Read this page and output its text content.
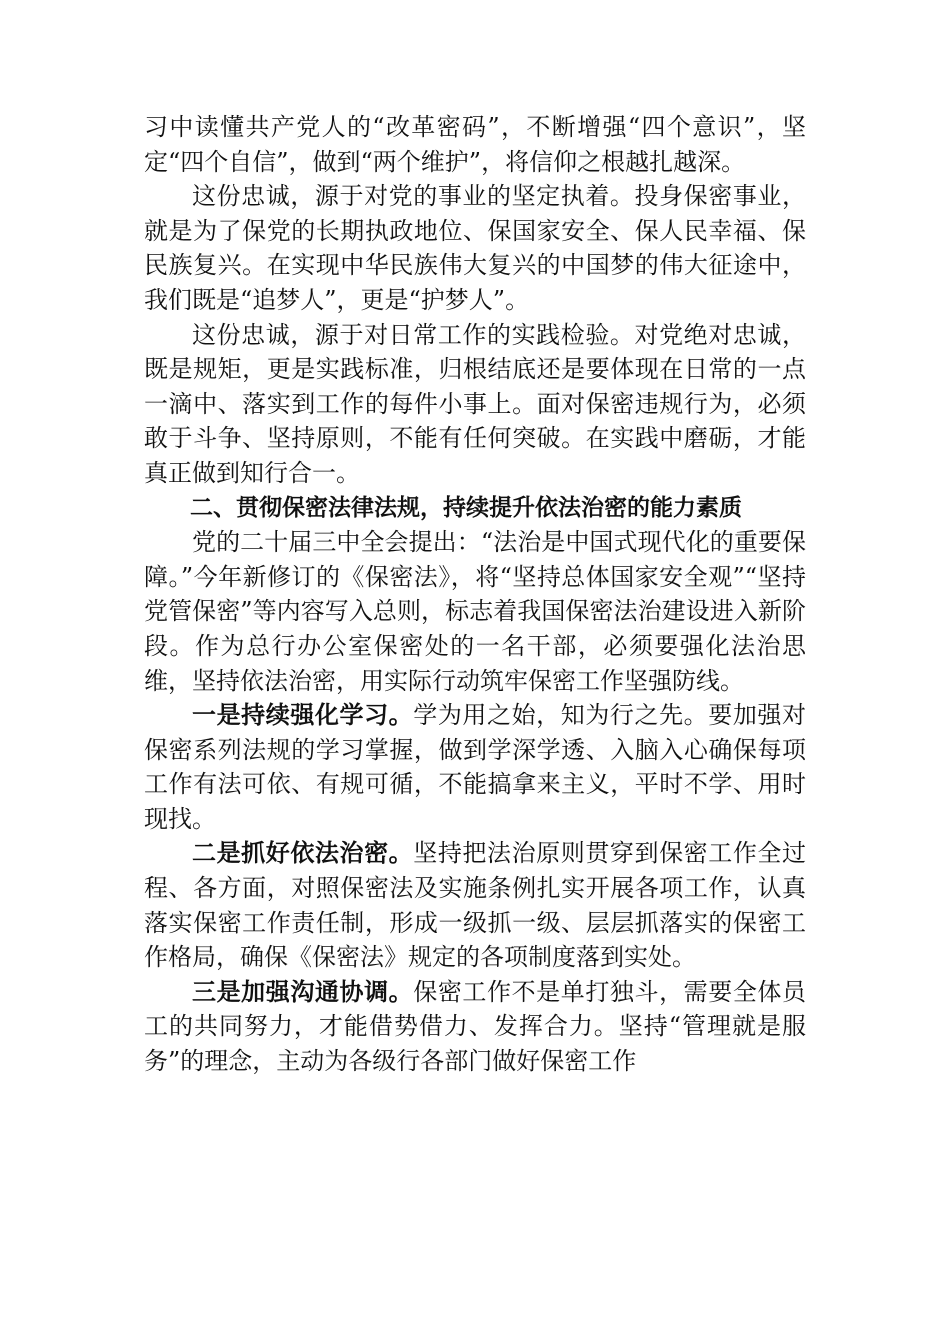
习中读懂共产党人的“改革密码”，不断增强“四个意识”，坚定“四个自信”，做到“两个维护”，将信仰之根越扎越深。

这份忠诚，源于对党的事业的坚定执着。投身保密事业，就是为了保党的长期执政地位、保国家安全、保人民幸福、保民族复兴。在实现中华民族伟大复兴的中国梦的伟大征途中，我们既是“追梦人”，更是“护梦人”。

这份忠诚，源于对日常工作的实践检验。对党绝对忠诚，既是规矩，更是实践标准，归根结底还是要体现在日常的一点一滴中、落实到工作的每件小事上。面对保密违规行为，必须敢于斗争、坚持原则，不能有任何突破。在实践中磨砺，才能真正做到知行合一。

二、贯彻保密法律法规，持续提升依法治密的能力素质

党的二十届三中全会提出：“法治是中国式现代化的重要保障。”今年新修订的《保密法》，将“坚持总体国家安全观”“坚持党管保密”等内容写入总则，标志着我国保密法治建设进入新阶段。作为总行办公室保密处的一名干部，必须要强化法治思维，坚持依法治密，用实际行动筑牢保密工作坚强防线。

一是持续强化学习。学为用之始，知为行之先。要加强对保密系列法规的学习掌握，做到学深学透、入脑入心确保每项工作有法可依、有规可循，不能搞拿来主义，平时不学、用时现找。

二是抓好依法治密。坚持把法治原则贯穿到保密工作全过程、各方面，对照保密法及实施条例扎实开展各项工作，认真落实保密工作责任制，形成一级抓一级、层层抓落实的保密工作格局，确保《保密法》规定的各项制度落到实处。

三是加强沟通协调。保密工作不是单打独斗，需要全体员工的共同努力，才能借势借力、发挥合力。坚持“管理就是服务”的理念，主动为各级行各部门做好保密工作
